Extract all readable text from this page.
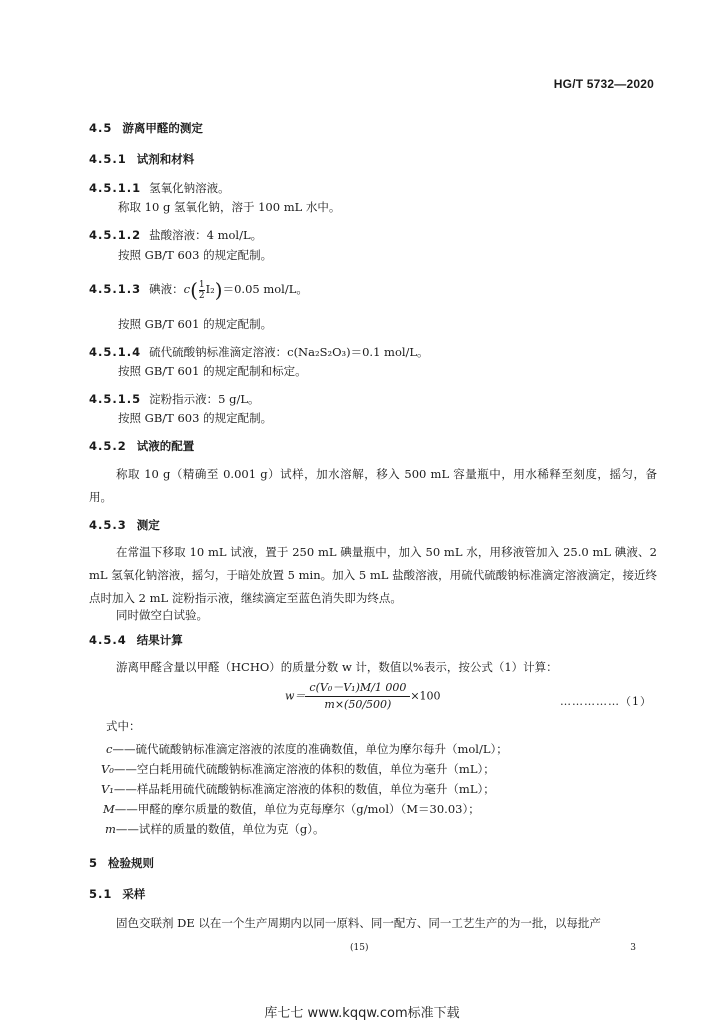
HG/T 5732—2020
4.5 游离甲醛的测定
4.5.1 试剂和材料
4.5.1.1 氢氧化钠溶液。
称取 10 g 氢氧化钠，溶于 100 mL 水中。
4.5.1.2 盐酸溶液：4 mol/L。
按照 GB/T 603 的规定配制。
4.5.1.3 碘液：$c( \frac{1}{2} I_2)=0.05$ mol/L。
按照 GB/T 601 的规定配制。
4.5.1.4 硫代硫酸钠标准滴定溶液：c(Na₂S₂O₃)＝0.1 mol/L。
按照 GB/T 601 的规定配制和标定。
4.5.1.5 淀粉指示液：5 g/L。
按照 GB/T 603 的规定配制。
4.5.2 试液的配置
称取 10 g（精确至 0.001 g）试样，加水溶解，移入 500 mL 容量瓶中，用水稀释至刻度，摇匀，备用。
4.5.3 测定
在常温下移取 10 mL 试液，置于 250 mL 碘量瓶中，加入 50 mL 水，用移液管加入 25.0 mL 碘液、2 mL 氢氧化钠溶液，摇匀，于暗处放置 5 min。加入 5 mL 盐酸溶液，用硫代硫酸钠标准滴定溶液滴定，接近终点时加入 2 mL 淀粉指示液，继续滴定至蓝色消失即为终点。
同时做空白试验。
4.5.4 结果计算
游离甲醛含量以甲醛（HCHO）的质量分数 w 计，数值以%表示，按公式（1）计算：
$w= \frac{\text{c(V₀－V₁)M/1 000}}{m\times(50/500)} \times 100$	……………（1）
式中：
c——硫代硫酸钠标准滴定溶液的浓度的准确数值，单位为摩尔每升（mol/L）；
V₀——空白耗用硫代硫酸钠标准滴定溶液的体积的数值，单位为毫升（mL）；
V₁——样品耗用硫代硫酸钠标准滴定溶液的体积的数值，单位为毫升（mL）；
M——甲醛的摩尔质量的数值，单位为克每摩尔（g/mol）（M＝30.03）；
m——试样的质量的数值，单位为克（g）。
5 检验规则
5.1 采样
固色交联剂 DE 以在一个生产周期内以同一原料、同一配方、同一工艺生产的为一批，以每批产
(15)	3
库七七 www.kqqw.com标准下载
